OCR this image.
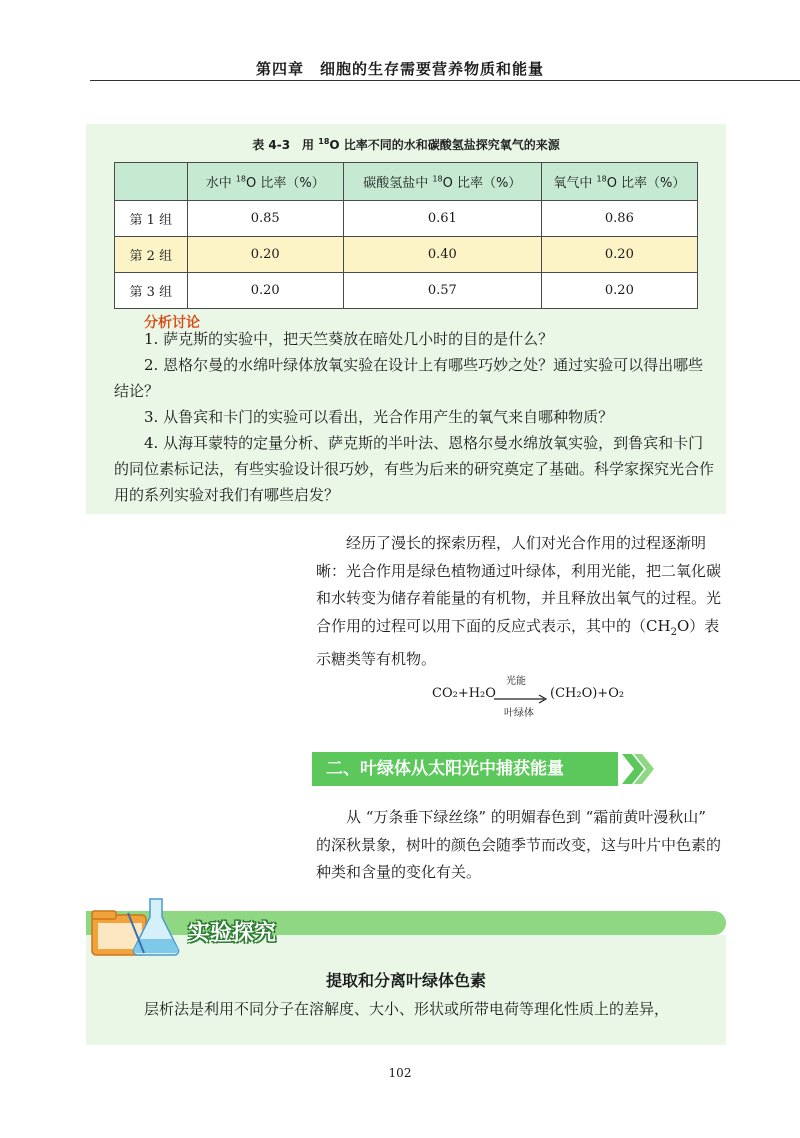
第四章　细胞的生存需要营养物质和能量
表 4-3　用 $^{18}$O 比率不同的水和碳酸氢盐探究氧气的来源
	水中 $^{18}$O 比率（%）	碳酸氢盐中 $^{18}$O 比率（%）	氧气中 $^{18}$O 比率（%）
第 1 组	0.85	0.61	0.86
第 2 组	0.20	0.40	0.20
第 3 组	0.20	0.57	0.20
分析讨论

1. 萨克斯的实验中，把天竺葵放在暗处几小时的目的是什么？

2. 恩格尔曼的水绵叶绿体放氧实验在设计上有哪些巧妙之处？通过实验可以得出哪些结论？

3. 从鲁宾和卡门的实验可以看出，光合作用产生的氧气来自哪种物质？

4. 从海耳蒙特的定量分析、萨克斯的半叶法、恩格尔曼水绵放氧实验，到鲁宾和卡门的同位素标记法，有些实验设计很巧妙，有些为后来的研究奠定了基础。科学家探究光合作用的系列实验对我们有哪些启发？

经历了漫长的探索历程，人们对光合作用的过程逐渐明晰：光合作用是绿色植物通过叶绿体，利用光能，把二氧化碳和水转变为储存着能量的有机物，并且释放出氧气的过程。光合作用的过程可以用下面的反应式表示，其中的$(CH_2O)$表示糖类等有机物。

CO₂+H₂O
光能
叶绿体
(CH₂O)+O₂
二、叶绿体从太阳光中捕获能量

从 “万条垂下绿丝绦” 的明媚春色到 “霜前黄叶漫秋山” 的深秋景象，树叶的颜色会随季节而改变，这与叶片中色素的种类和含量的变化有关。

实验探究
提取和分离叶绿体色素

层析法是利用不同分子在溶解度、大小、形状或所带电荷等理化性质上的差异，

102
